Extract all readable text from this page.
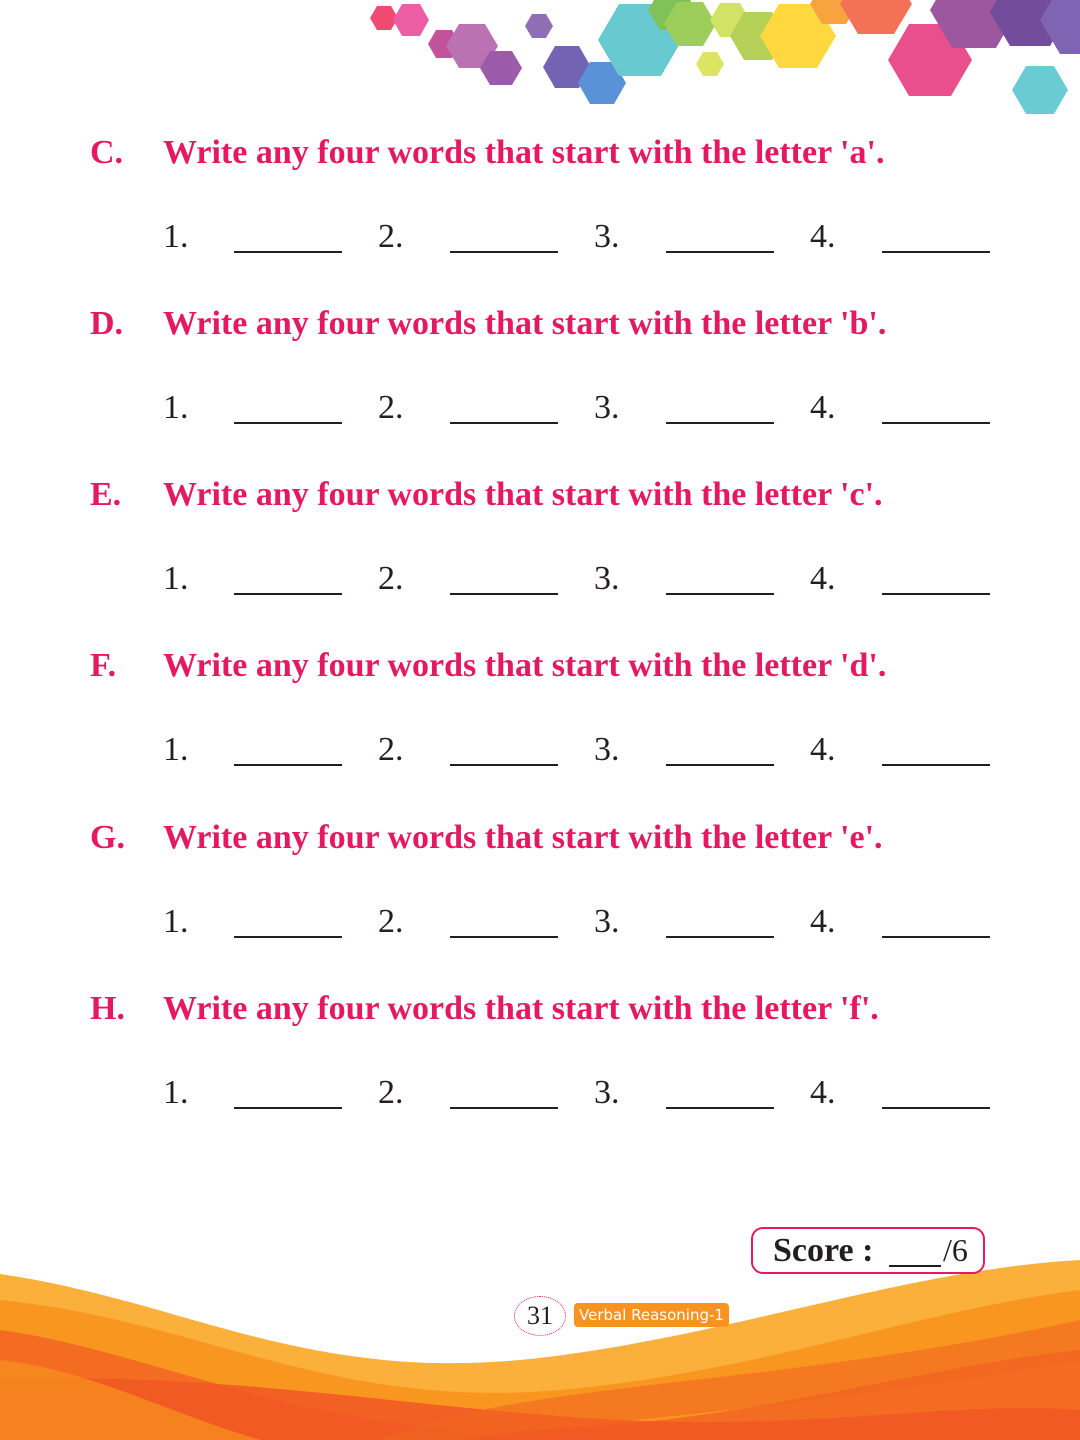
C. Write any four words that start with the letter 'a'.
1.	2.	3.	4.
D. Write any four words that start with the letter 'b'.
1.	2.	3.	4.
E. Write any four words that start with the letter 'c'.
1.	2.	3.	4.
F. Write any four words that start with the letter 'd'.
1.	2.	3.	4.
G. Write any four words that start with the letter 'e'.
1.	2.	3.	4.
H. Write any four words that start with the letter 'f'.
1.	2.	3.	4.
Score : /6
31	Verbal Reasoning-1
